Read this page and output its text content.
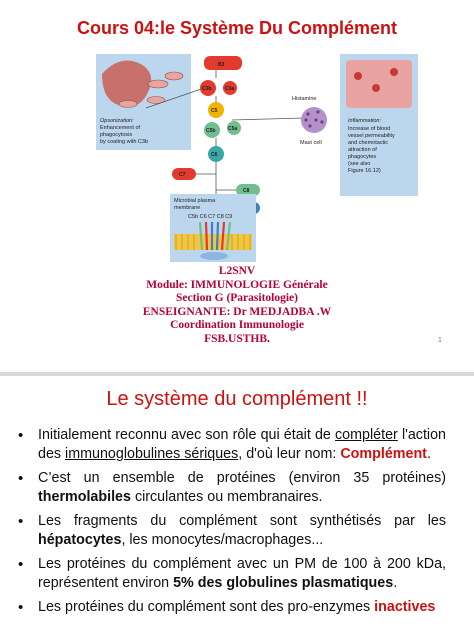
Cours 04:le Système Du Complément
Opsonization:
Enhancement of
phagocytosis
by coating with C3b
B3
C3b	C3a
C5
C5b	C5a
C6
C7
C8
Histamine
Mast cell
Inflammation:
Increase of blood
vessel permeability
and chemotactic
attraction of
phagocytes
(see also
Figure 16.12)
Microbial plasma
membrane
C5b C6 C7 C8 C9
L2SNV
Module: IMMUNOLOGIE Générale
Section G (Parasitologie)
ENSEIGNANTE: Dr MEDJADBA .W
Coordination Immunologie
FSB.USTHB.	1
Le système du complément !!
• Initialement reconnu avec son rôle qui était de compléter l'action des immunoglobulines sériques, d'où leur nom: Complément.
• C’est un ensemble de protéines (environ 35 protéines) thermolabiles circulantes ou membranaires.
• Les fragments du complément sont synthétisés par les hépatocytes, les monocytes/macrophages...
• Les protéines du complément avec un PM de 100 à 200 kDa, représentent environ 5% des globulines plasmatiques.
• Les protéines du complément sont des pro-enzymes inactives
